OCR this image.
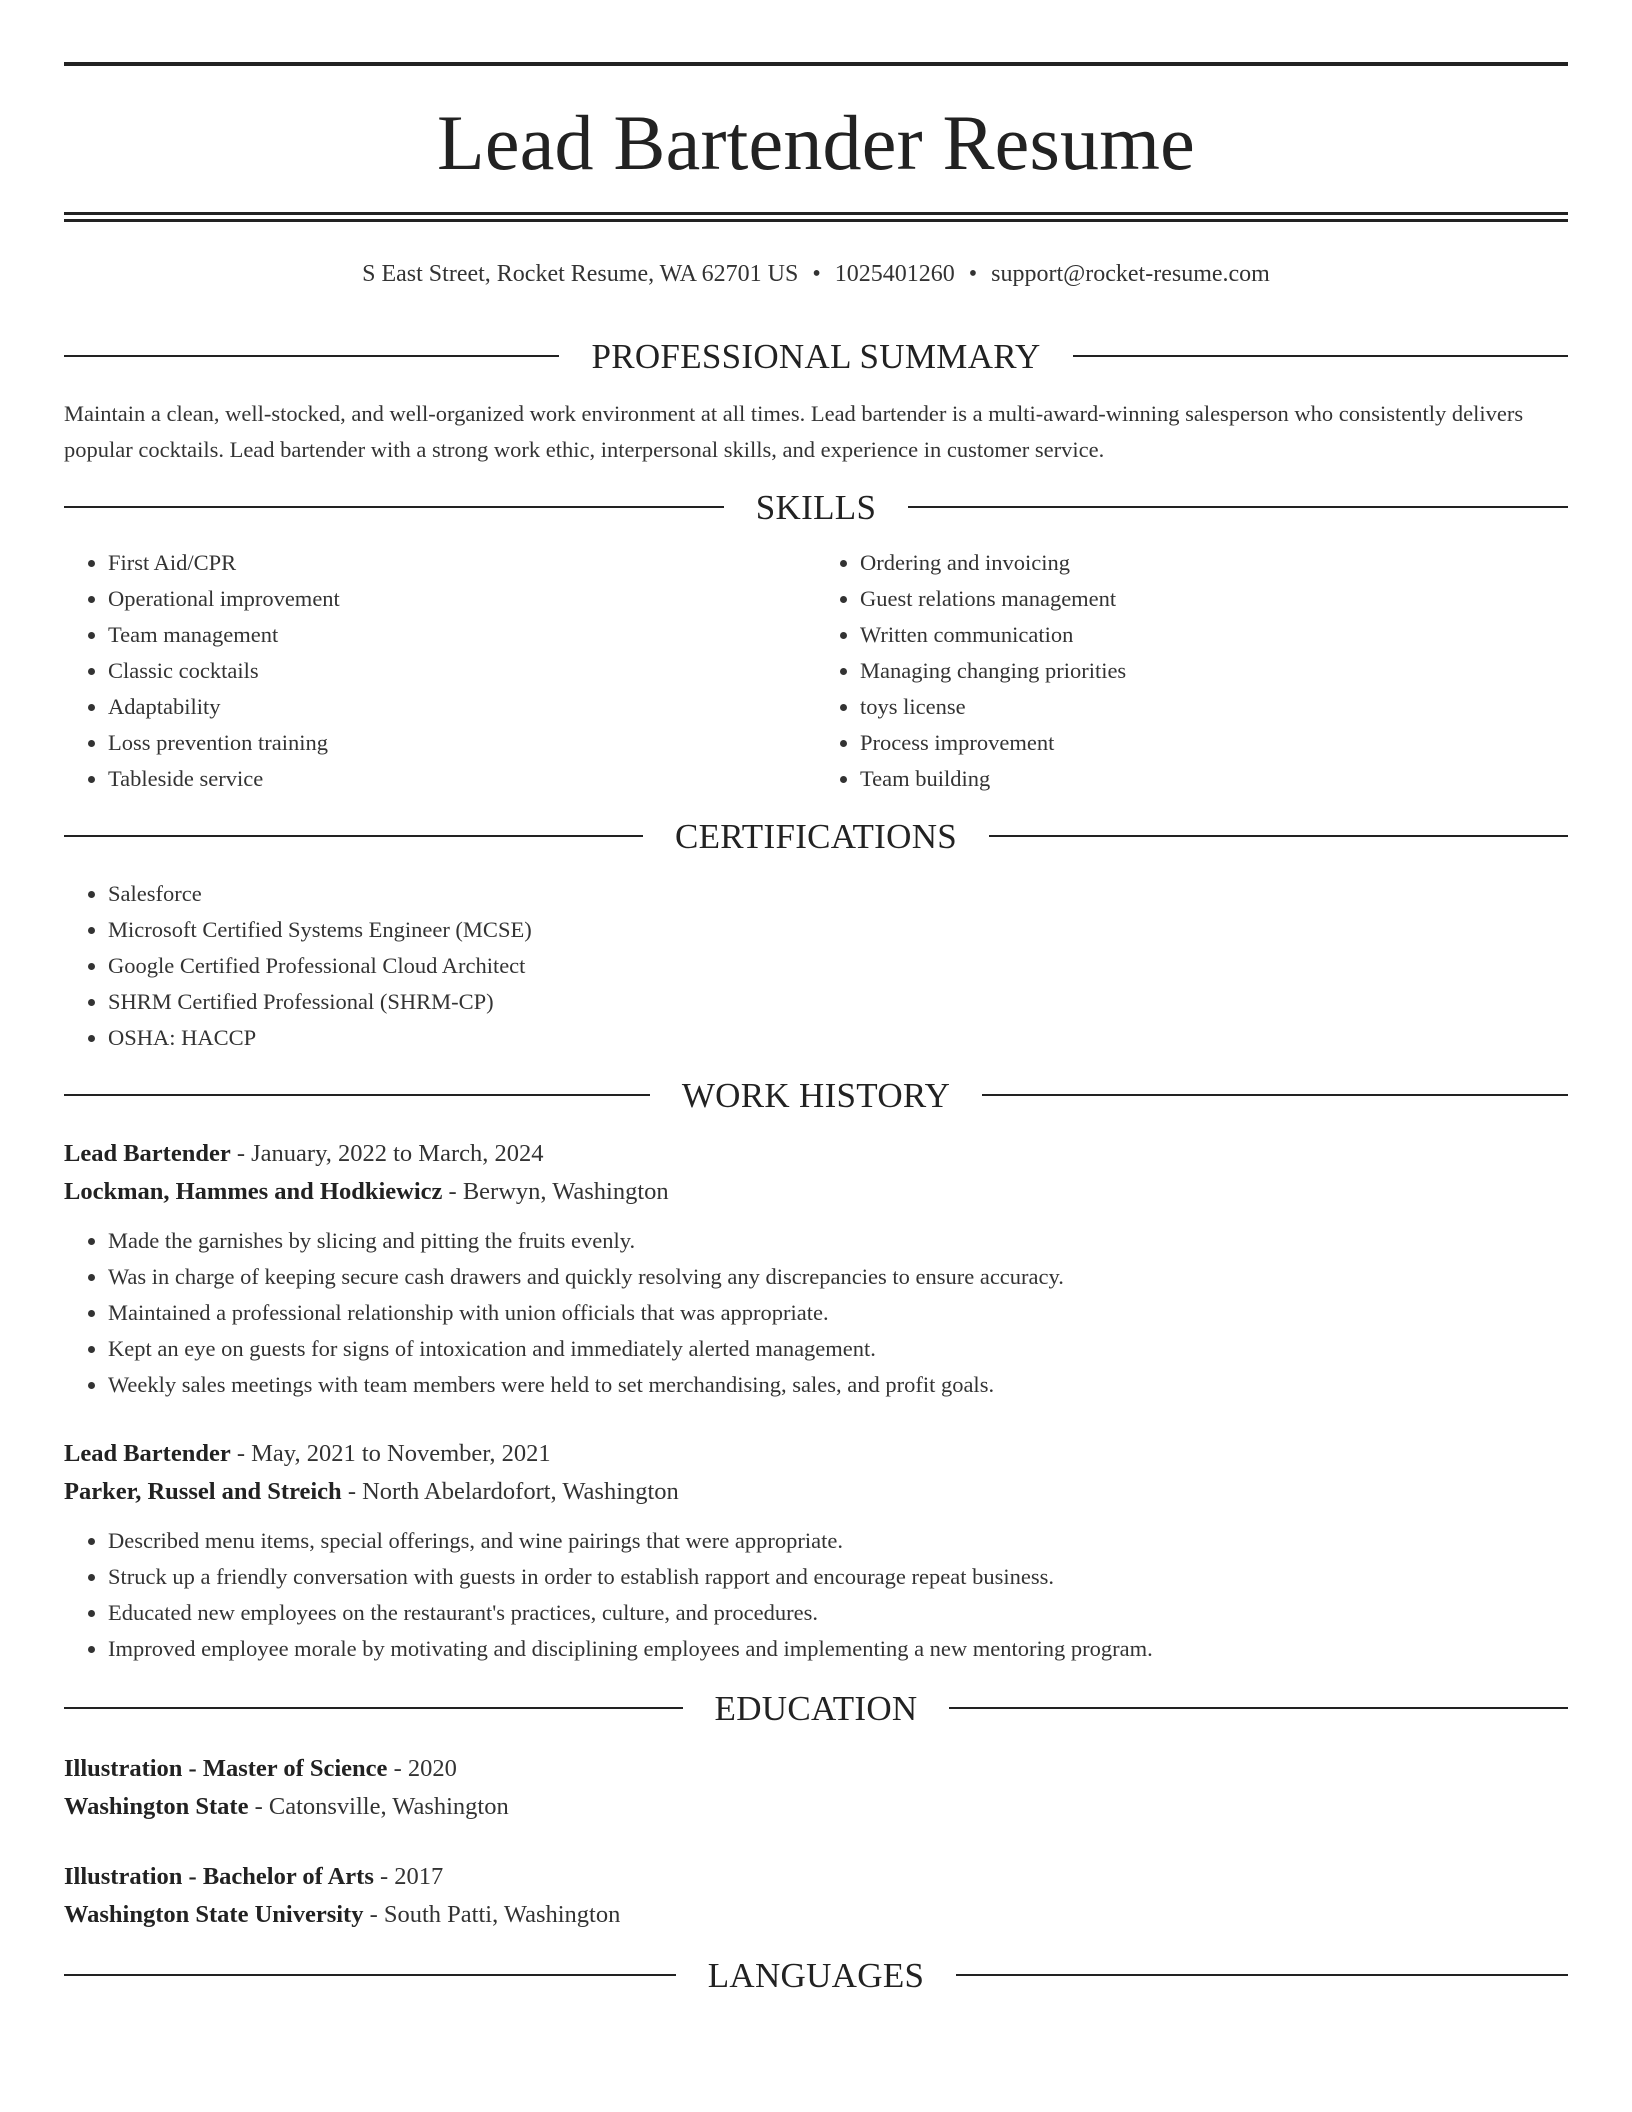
Lead Bartender Resume
S East Street, Rocket Resume, WA 62701 US • 1025401260 • support@rocket-resume.com
PROFESSIONAL SUMMARY
Maintain a clean, well-stocked, and well-organized work environment at all times. Lead bartender is a multi-award-winning salesperson who consistently delivers popular cocktails. Lead bartender with a strong work ethic, interpersonal skills, and experience in customer service.
SKILLS
• First Aid/CPR
• Operational improvement
• Team management
• Classic cocktails
• Adaptability
• Loss prevention training
• Tableside service
• Ordering and invoicing
• Guest relations management
• Written communication
• Managing changing priorities
• toys license
• Process improvement
• Team building
CERTIFICATIONS
• Salesforce
• Microsoft Certified Systems Engineer (MCSE)
• Google Certified Professional Cloud Architect
• SHRM Certified Professional (SHRM-CP)
• OSHA: HACCP
WORK HISTORY
Lead Bartender - January, 2022 to March, 2024
Lockman, Hammes and Hodkiewicz - Berwyn, Washington
• Made the garnishes by slicing and pitting the fruits evenly.
• Was in charge of keeping secure cash drawers and quickly resolving any discrepancies to ensure accuracy.
• Maintained a professional relationship with union officials that was appropriate.
• Kept an eye on guests for signs of intoxication and immediately alerted management.
• Weekly sales meetings with team members were held to set merchandising, sales, and profit goals.
Lead Bartender - May, 2021 to November, 2021
Parker, Russel and Streich - North Abelardofort, Washington
• Described menu items, special offerings, and wine pairings that were appropriate.
• Struck up a friendly conversation with guests in order to establish rapport and encourage repeat business.
• Educated new employees on the restaurant's practices, culture, and procedures.
• Improved employee morale by motivating and disciplining employees and implementing a new mentoring program.
EDUCATION
Illustration - Master of Science - 2020
Washington State - Catonsville, Washington
Illustration - Bachelor of Arts - 2017
Washington State University - South Patti, Washington
LANGUAGES
